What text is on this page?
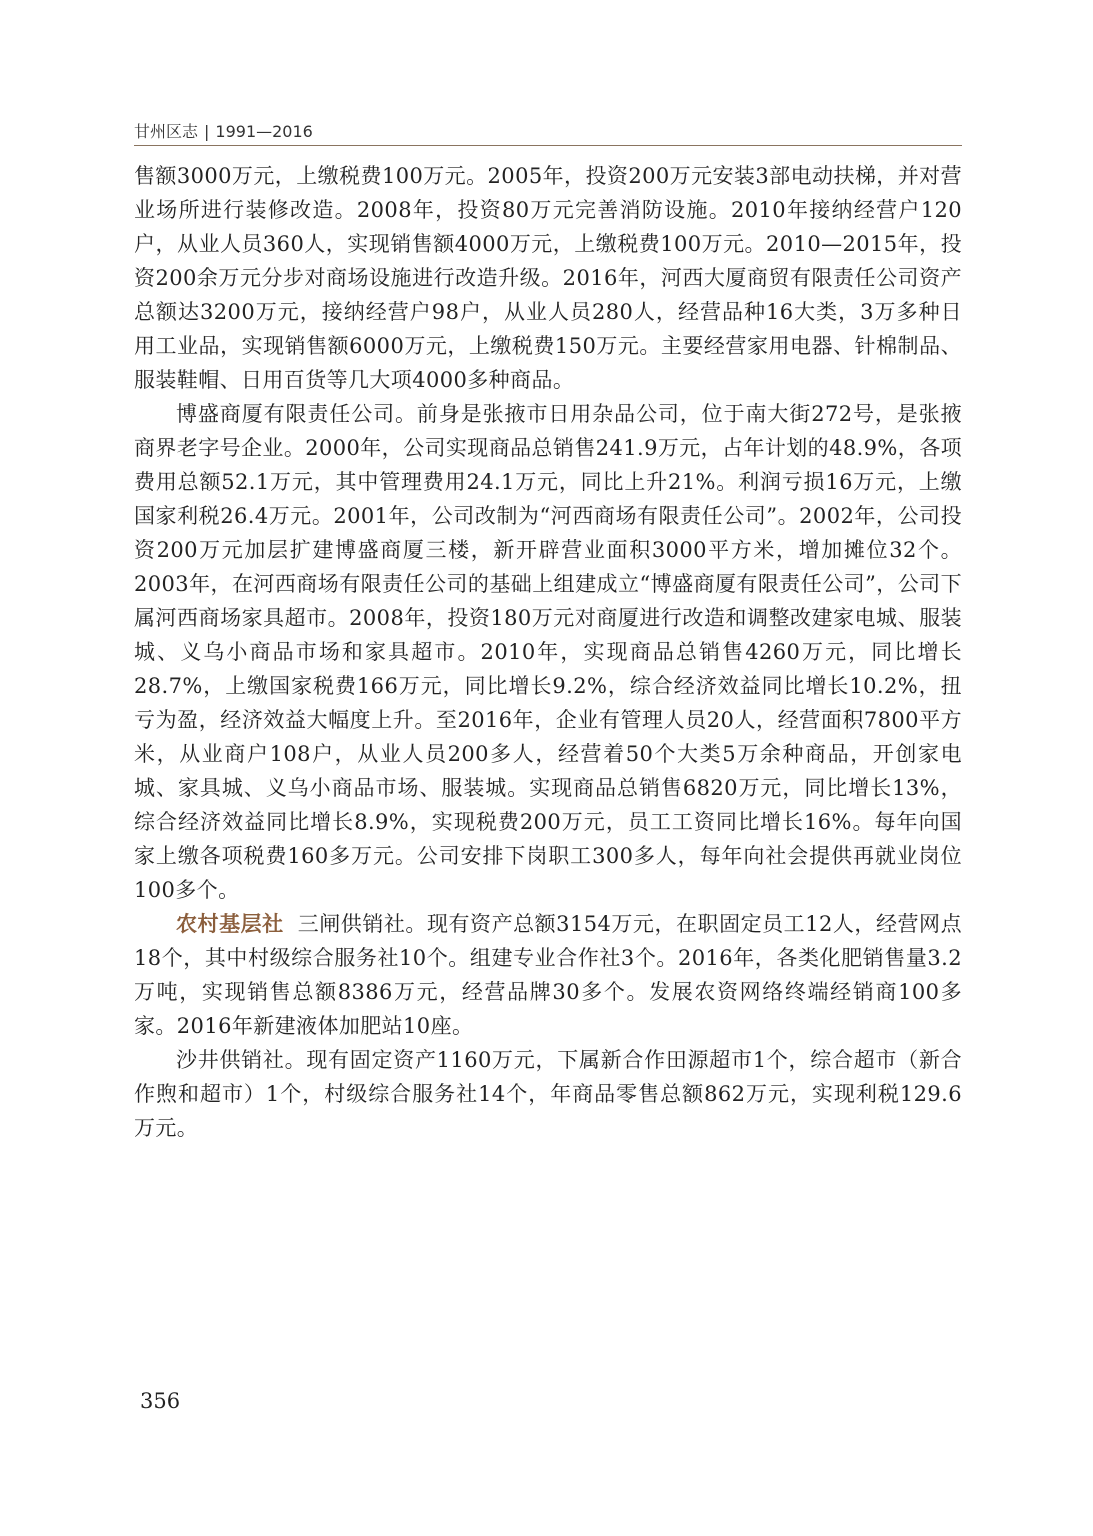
甘州区志 | 1991—2016

售额3000万元，上缴税费100万元。2005年，投资200万元安装3部电动扶梯，并对营业场所进行装修改造。2008年，投资80万元完善消防设施。2010年接纳经营户120户，从业人员360人，实现销售额4000万元，上缴税费100万元。2010—2015年，投资200余万元分步对商场设施进行改造升级。2016年，河西大厦商贸有限责任公司资产总额达3200万元，接纳经营户98户，从业人员280人，经营品种16大类，3万多种日用工业品，实现销售额6000万元，上缴税费150万元。主要经营家用电器、针棉制品、服装鞋帽、日用百货等几大项4000多种商品。

博盛商厦有限责任公司。前身是张掖市日用杂品公司，位于南大街272号，是张掖商界老字号企业。2000年，公司实现商品总销售241.9万元，占年计划的48.9%，各项费用总额52.1万元，其中管理费用24.1万元，同比上升21%。利润亏损16万元，上缴国家利税26.4万元。2001年，公司改制为“河西商场有限责任公司”。2002年，公司投资200万元加层扩建博盛商厦三楼，新开辟营业面积3000平方米，增加摊位32个。2003年，在河西商场有限责任公司的基础上组建成立“博盛商厦有限责任公司”，公司下属河西商场家具超市。2008年，投资180万元对商厦进行改造和调整改建家电城、服装城、义乌小商品市场和家具超市。2010年，实现商品总销售4260万元，同比增长28.7%，上缴国家税费166万元，同比增长9.2%，综合经济效益同比增长10.2%，扭亏为盈，经济效益大幅度上升。至2016年，企业有管理人员20人，经营面积7800平方米，从业商户108户，从业人员200多人，经营着50个大类5万余种商品，开创家电城、家具城、义乌小商品市场、服装城。实现商品总销售6820万元，同比增长13%，综合经济效益同比增长8.9%，实现税费200万元，员工工资同比增长16%。每年向国家上缴各项税费160多万元。公司安排下岗职工300多人，每年向社会提供再就业岗位100多个。

农村基层社 三闸供销社。现有资产总额3154万元，在职固定员工12人，经营网点18个，其中村级综合服务社10个。组建专业合作社3个。2016年，各类化肥销售量3.2万吨，实现销售总额8386万元，经营品牌30多个。发展农资网络终端经销商100多家。2016年新建液体加肥站10座。

沙井供销社。现有固定资产1160万元，下属新合作田源超市1个，综合超市（新合作煦和超市）1个，村级综合服务社14个，年商品零售总额862万元，实现利税129.6万元。

356
